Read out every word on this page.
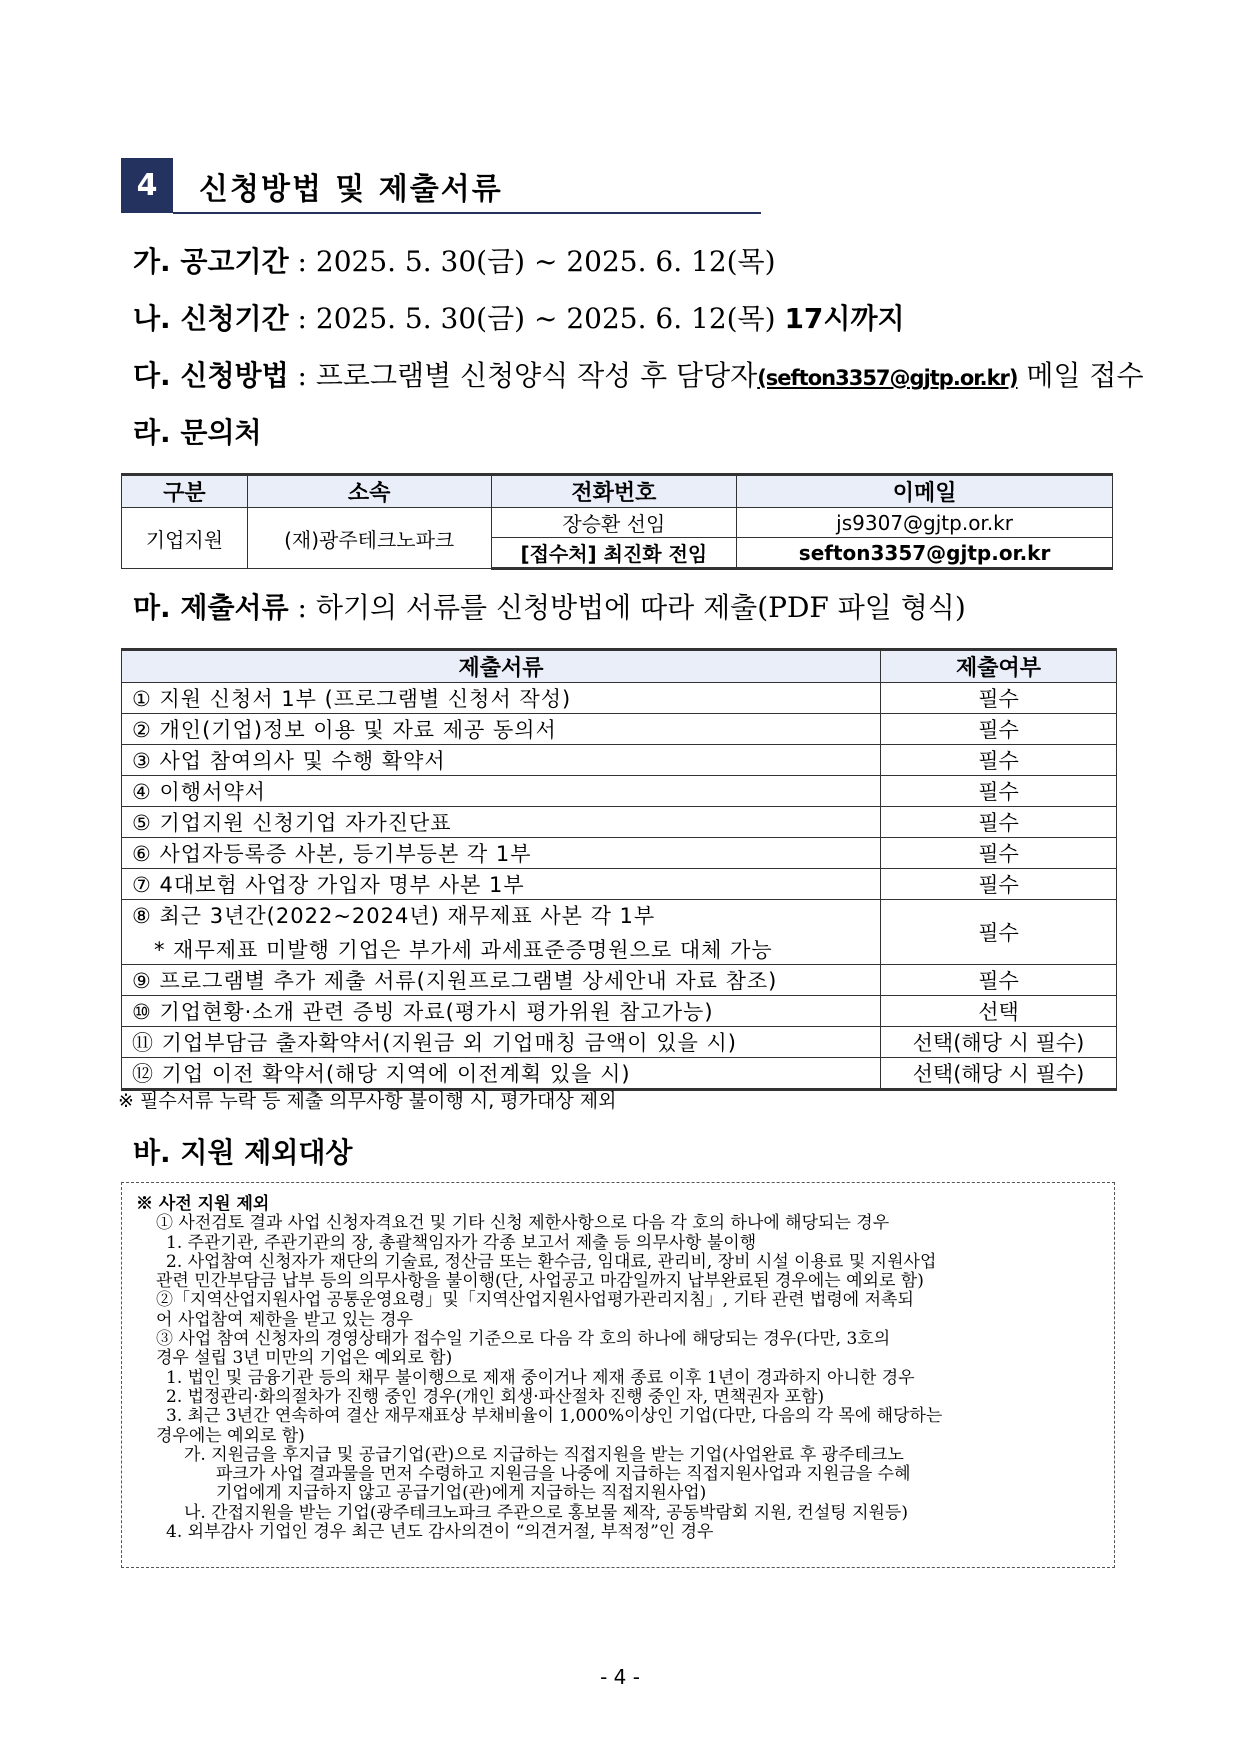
4	신청방법 및 제출서류
가. 공고기간 : 2025. 5. 30(금) ~ 2025. 6. 12(목)
나. 신청기간 : 2025. 5. 30(금) ~ 2025. 6. 12(목) 17시까지
다. 신청방법 : 프로그램별 신청양식 작성 후 담당자(sefton3357@gjtp.or.kr) 메일 접수
라. 문의처
구분	소속	전화번호	이메일
기업지원	(재)광주테크노파크	장승환 선임	js9307@gjtp.or.kr
		[접수처] 최진화 전임	sefton3357@gjtp.or.kr
마. 제출서류 : 하기의 서류를 신청방법에 따라 제출(PDF 파일 형식)
제출서류	제출여부
① 지원 신청서 1부 (프로그램별 신청서 작성)	필수
② 개인(기업)정보 이용 및 자료 제공 동의서	필수
③ 사업 참여의사 및 수행 확약서	필수
④ 이행서약서	필수
⑤ 기업지원 신청기업 자가진단표	필수
⑥ 사업자등록증 사본, 등기부등본 각 1부	필수
⑦ 4대보험 사업장 가입자 명부 사본 1부	필수
⑧ 최근 3년간(2022~2024년) 재무제표 사본 각 1부
* 재무제표 미발행 기업은 부가세 과세표준증명원으로 대체 가능	필수
⑨ 프로그램별 추가 제출 서류(지원프로그램별 상세안내 자료 참조)	필수
⑩ 기업현황·소개 관련 증빙 자료(평가시 평가위원 참고가능)	선택
⑪ 기업부담금 출자확약서(지원금 외 기업매칭 금액이 있을 시)	선택(해당 시 필수)
⑫ 기업 이전 확약서(해당 지역에 이전계획 있을 시)	선택(해당 시 필수)
※ 필수서류 누락 등 제출 의무사항 불이행 시, 평가대상 제외
바. 지원 제외대상
※ 사전 지원 제외
① 사전검토 결과 사업 신청자격요건 및 기타 신청 제한사항으로 다음 각 호의 하나에 해당되는 경우
1. 주관기관, 주관기관의 장, 총괄책임자가 각종 보고서 제출 등 의무사항 불이행
2. 사업참여 신청자가 재단의 기술료, 정산금 또는 환수금, 임대료, 관리비, 장비 시설 이용료 및 지원사업
관련 민간부담금 납부 등의 의무사항을 불이행(단, 사업공고 마감일까지 납부완료된 경우에는 예외로 함)
②「지역산업지원사업 공통운영요령」및「지역산업지원사업평가관리지침」, 기타 관련 법령에 저촉되
어 사업참여 제한을 받고 있는 경우
③ 사업 참여 신청자의 경영상태가 접수일 기준으로 다음 각 호의 하나에 해당되는 경우(다만, 3호의
경우 설립 3년 미만의 기업은 예외로 함)
1. 법인 및 금융기관 등의 채무 불이행으로 제재 중이거나 제재 종료 이후 1년이 경과하지 아니한 경우
2. 법정관리·화의절차가 진행 중인 경우(개인 회생·파산절차 진행 중인 자, 면책권자 포함)
3. 최근 3년간 연속하여 결산 재무재표상 부채비율이 1,000%이상인 기업(다만, 다음의 각 목에 해당하는
경우에는 예외로 함)
가. 지원금을 후지급 및 공급기업(관)으로 지급하는 직접지원을 받는 기업(사업완료 후 광주테크노
파크가 사업 결과물을 먼저 수령하고 지원금을 나중에 지급하는 직접지원사업과 지원금을 수혜
기업에게 지급하지 않고 공급기업(관)에게 지급하는 직접지원사업)
나. 간접지원을 받는 기업(광주테크노파크 주관으로 홍보물 제작, 공동박람회 지원, 컨설팅 지원등)
4. 외부감사 기업인 경우 최근 년도 감사의견이 “의견거절, 부적정”인 경우
- 4 -
